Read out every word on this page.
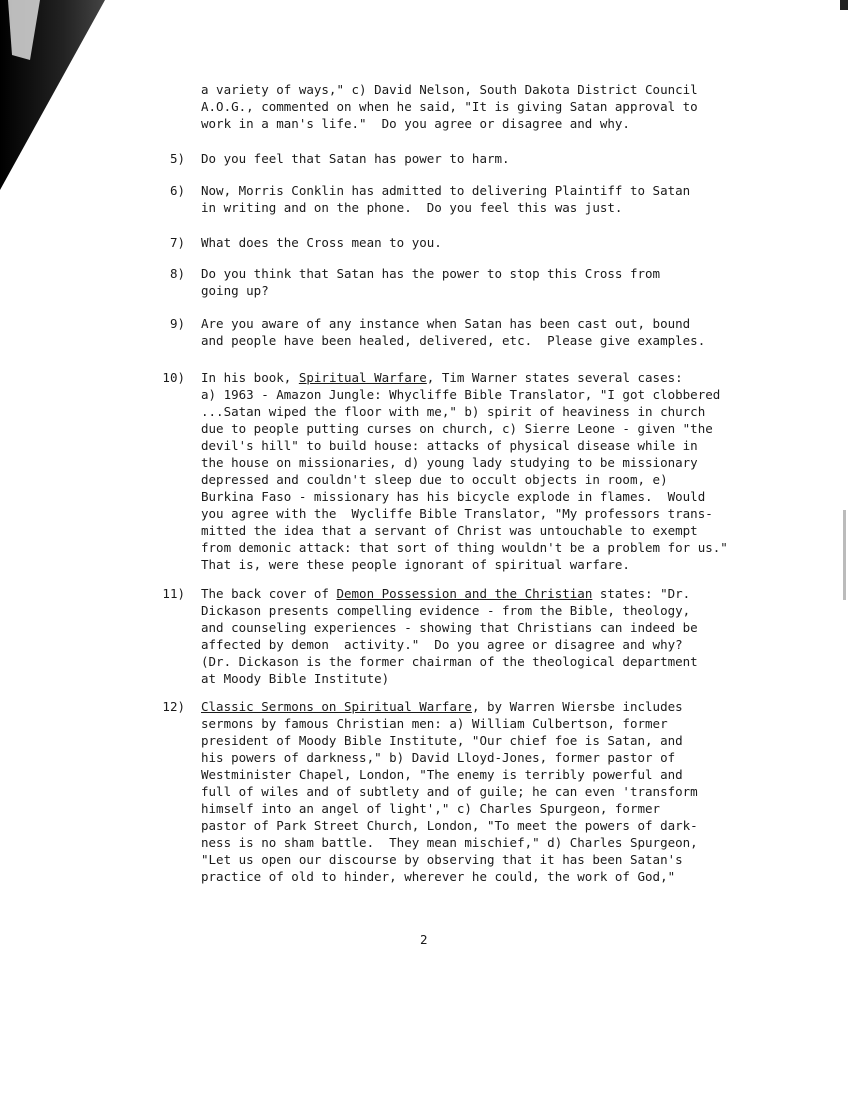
a variety of ways," c) David Nelson, South Dakota District Council
A.O.G., commented on when he said, "It is giving Satan approval to
work in a man's life."  Do you agree or disagree and why.
5) Do you feel that Satan has power to harm.
6) Now, Morris Conklin has admitted to delivering Plaintiff to Satan
in writing and on the phone.  Do you feel this was just.
7) What does the Cross mean to you.
8) Do you think that Satan has the power to stop this Cross from
going up?
9) Are you aware of any instance when Satan has been cast out, bound
and people have been healed, delivered, etc.  Please give examples.
10) In his book, Spiritual Warfare, Tim Warner states several cases:
a) 1963 - Amazon Jungle: Whycliffe Bible Translator, "I got clobbered
...Satan wiped the floor with me," b) spirit of heaviness in church
due to people putting curses on church, c) Sierre Leone - given "the
devil's hill" to build house: attacks of physical disease while in
the house on missionaries, d) young lady studying to be missionary
depressed and couldn't sleep due to occult objects in room, e)
Burkina Faso - missionary has his bicycle explode in flames.  Would
you agree with the  Wycliffe Bible Translator, "My professors trans-
mitted the idea that a servant of Christ was untouchable to exempt
from demonic attack: that sort of thing wouldn't be a problem for us."
That is, were these people ignorant of spiritual warfare.
11) The back cover of Demon Possession and the Christian states: "Dr.
Dickason presents compelling evidence - from the Bible, theology,
and counseling experiences - showing that Christians can indeed be
affected by demon  activity."  Do you agree or disagree and why?
(Dr. Dickason is the former chairman of the theological department
at Moody Bible Institute)
12) Classic Sermons on Spiritual Warfare, by Warren Wiersbe includes
sermons by famous Christian men: a) William Culbertson, former
president of Moody Bible Institute, "Our chief foe is Satan, and
his powers of darkness," b) David Lloyd-Jones, former pastor of
Westminister Chapel, London, "The enemy is terribly powerful and
full of wiles and of subtlety and of guile; he can even 'transform
himself into an angel of light'," c) Charles Spurgeon, former
pastor of Park Street Church, London, "To meet the powers of dark-
ness is no sham battle.  They mean mischief," d) Charles Spurgeon,
"Let us open our discourse by observing that it has been Satan's
practice of old to hinder, wherever he could, the work of God,"
2
